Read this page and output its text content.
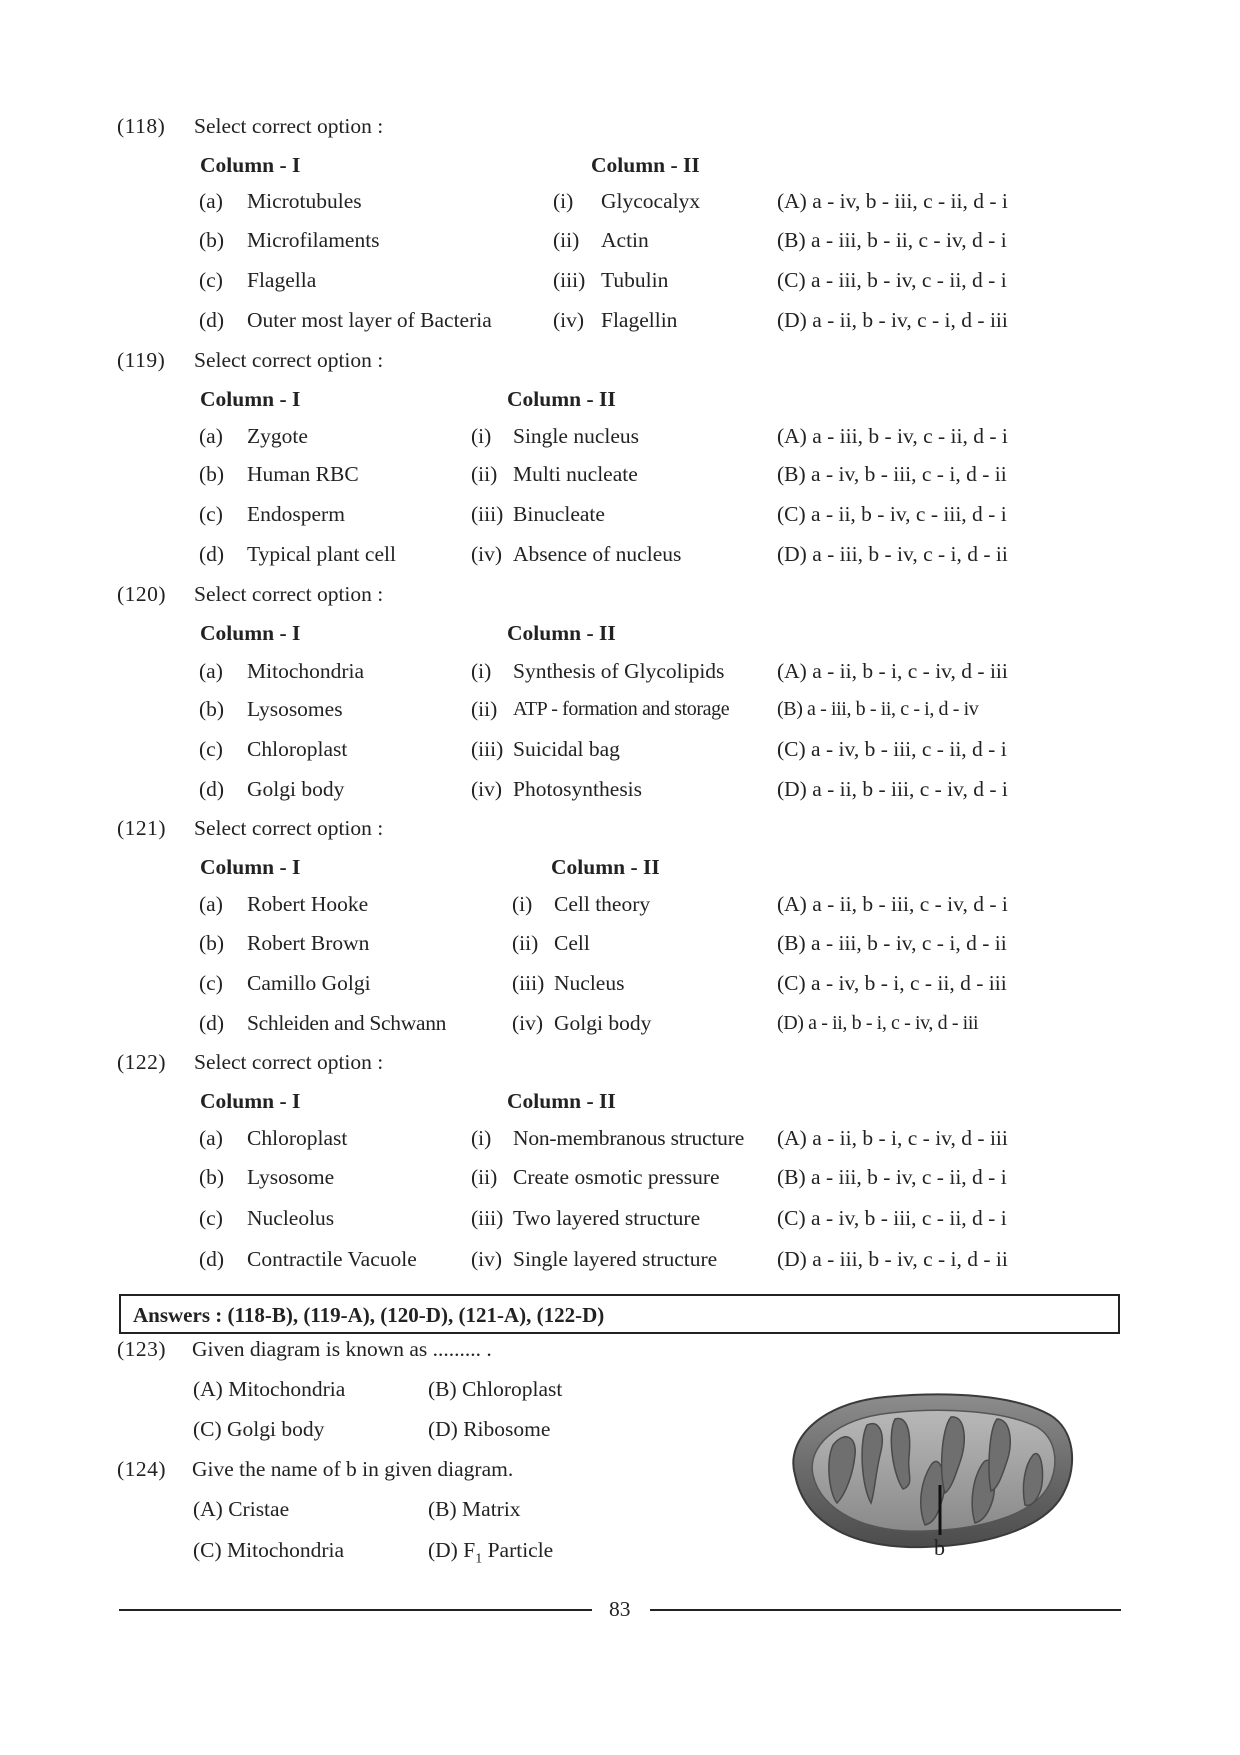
(118) Select correct option :
Column - I	Column - II
(a) Microtubules	(i) Glycocalyx	(A) a - iv, b - iii, c - ii, d - i
(b) Microfilaments	(ii) Actin	(B) a - iii, b - ii, c - iv, d - i
(c) Flagella	(iii) Tubulin	(C) a - iii, b - iv, c - ii, d - i
(d) Outer most layer of Bacteria	(iv) Flagellin	(D) a - ii, b - iv, c - i, d - iii
(119) Select correct option :
Column - I	Column - II
(a) Zygote	(i) Single nucleus	(A) a - iii, b - iv, c - ii, d - i
(b) Human RBC	(ii) Multi nucleate	(B) a - iv, b - iii, c - i, d - ii
(c) Endosperm	(iii) Binucleate	(C) a - ii, b - iv, c - iii, d - i
(d) Typical plant cell	(iv) Absence of nucleus	(D) a - iii, b - iv, c - i, d - ii
(120) Select correct option :
Column - I	Column - II
(a) Mitochondria	(i) Synthesis of Glycolipids (A) a - ii, b - i, c - iv, d - iii
(b) Lysosomes	(ii) ATP - formation and storage (B) a - iii, b - ii, c - i, d - iv
(c) Chloroplast	(iii) Suicidal bag	(C) a - iv, b - iii, c - ii, d - i
(d) Golgi body	(iv) Photosynthesis	(D) a - ii, b - iii, c - iv, d - i
(121) Select correct option :
Column - I	Column - II
(a) Robert Hooke	(i) Cell theory	(A) a - ii, b - iii, c - iv, d - i
(b) Robert Brown	(ii) Cell	(B) a - iii, b - iv, c - i, d - ii
(c) Camillo Golgi	(iii) Nucleus	(C) a - iv, b - i, c - ii, d - iii
(d) Schleiden and Schwann	(iv) Golgi body	(D) a - ii, b - i, c - iv, d - iii
(122) Select correct option :
Column - I	Column - II
(a) Chloroplast	(i) Non-membranous structure (A) a - ii, b - i, c - iv, d - iii
(b) Lysosome	(ii) Create osmotic pressure	(B) a - iii, b - iv, c - ii, d - i
(c) Nucleolus	(iii) Two layered structure	(C) a - iv, b - iii, c - ii, d - i
(d) Contractile Vacuole	(iv) Single layered structure	(D) a - iii, b - iv, c - i, d - ii
Answers : (118-B), (119-A), (120-D), (121-A), (122-D)
(123) Given diagram is known as ......... .
(A) Mitochondria	(B) Chloroplast
(C) Golgi body	(D) Ribosome
(124) Give the name of b in given diagram.
(A) Cristae	(B) Matrix
(C) Mitochondria	(D) $F_1$ Particle	b
83
